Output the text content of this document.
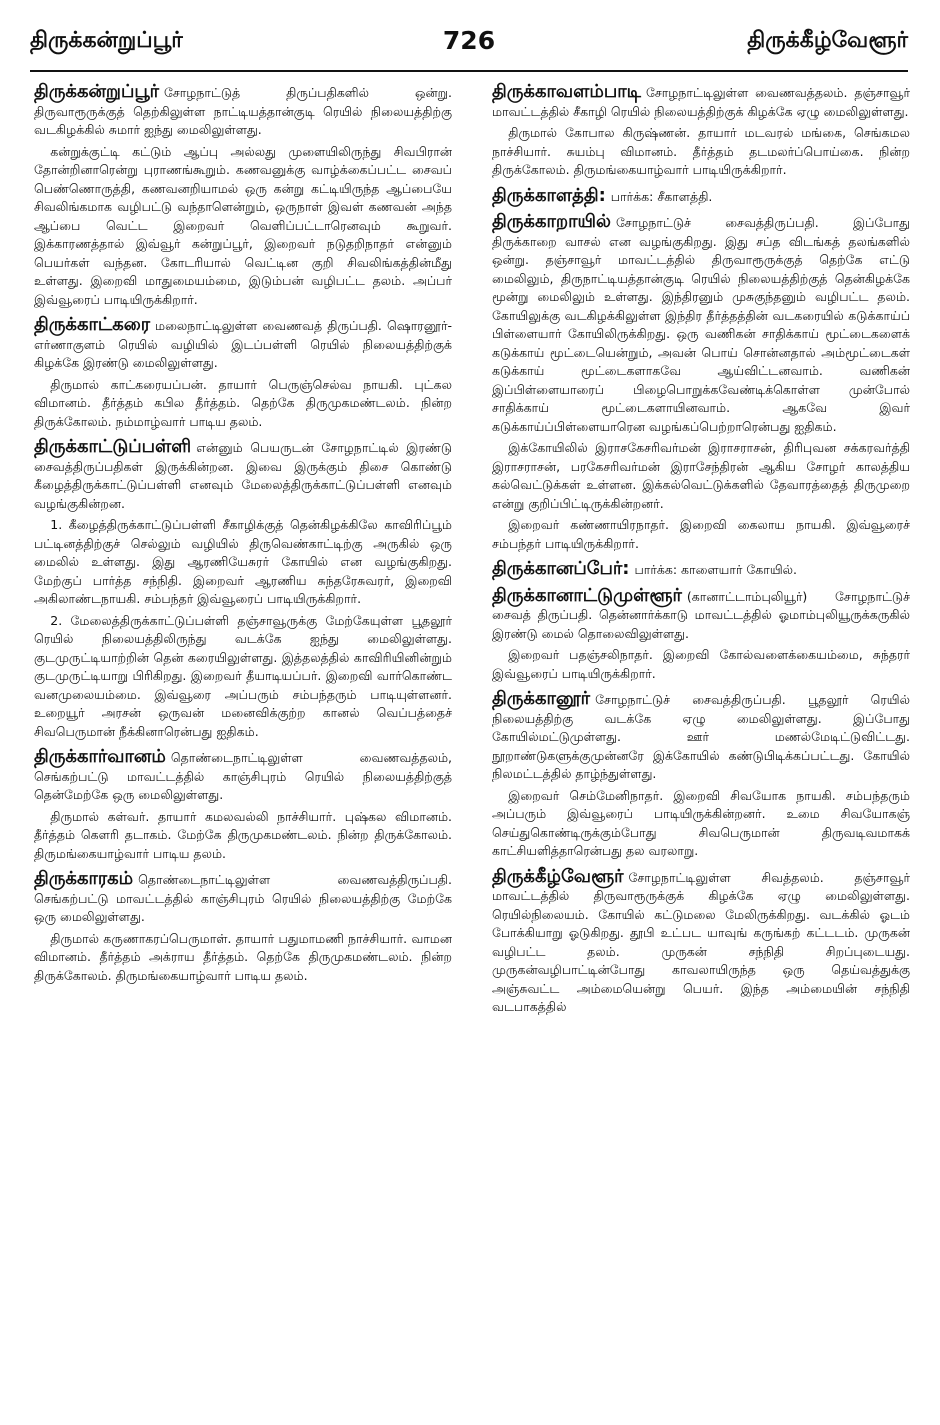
திருக்கன்றுப்பூர்	726	திருக்கீழ்வேளூர்

திருக்கன்றுப்பூர் சோழநாட்டுத் திருப்பதிகளில் ஒன்று. திருவாரூருக்குத் தெற்கிலுள்ள நாட்டியத்தான்குடி ரெயில் நிலையத்திற்கு வடகிழக்கில் சுமார் ஐந்து மைலிலுள்ளது.

கன்றுக்குட்டி கட்டும் ஆப்பு அல்லது முளையிலிருந்து சிவபிரான் தோன்றினாரென்று புராணங்கூறும். கணவனுக்கு வாழ்க்கைப்பட்ட சைவப் பெண்ணொருத்தி, கணவனறியாமல் ஒரு கன்று கட்டியிருந்த ஆப்பையே சிவலிங்கமாக வழிபட்டு வந்தாளென்றும், ஒருநாள் இவள் கணவன் அந்த ஆப்பை வெட்ட இறைவர் வெளிப்பட்டாரெனவும் கூறுவர். இக்காரணத்தால் இவ்வூர் கன்றுப்பூர், இறைவர் நடுதறிநாதர் என்னும் பெயர்கள் வந்தன. கோடரியால் வெட்டின குறி சிவலிங்கத்தின்மீது உள்ளது. இறைவி மாதுமையம்மை, இடும்பன் வழிபட்ட தலம். அப்பர் இவ்வூரைப் பாடியிருக்கிறார்.

திருக்காட்கரை மலைநாட்டிலுள்ள வைணவத் திருப்பதி. ஷொரனூர்-எர்ணாகுளம் ரெயில் வழியில் இடப்பள்ளி ரெயில் நிலையத்திற்குக் கிழக்கே இரண்டு மைலிலுள்ளது.

திருமால் காட்கரையப்பன். தாயார் பெருஞ்செல்வ நாயகி. புட்கல விமானம். தீர்த்தம் கபில தீர்த்தம். தெற்கே திருமுகமண்டலம். நின்ற திருக்கோலம். நம்மாழ்வார் பாடிய தலம்.

திருக்காட்டுப்பள்ளி என்னும் பெயருடன் சோழநாட்டில் இரண்டு சைவத்திருப்பதிகள் இருக்கின்றன. இவை இருக்கும் திசை கொண்டு கீழைத்திருக்காட்டுப்பள்ளி எனவும் மேலைத்திருக்காட்டுப்பள்ளி எனவும் வழங்குகின்றன.

1. கீழைத்திருக்காட்டுப்பள்ளி சீகாழிக்குத் தென்கிழக்கிலே காவிரிப்பூம் பட்டினத்திற்குச் செல்லும் வழியில் திருவெண்காட்டிற்கு அருகில் ஒரு மைலில் உள்ளது. இது ஆரணியேசுரர் கோயில் என வழங்குகிறது. மேற்குப் பார்த்த சந்நிதி. இறைவர் ஆரணிய சுந்தரேசுவரர், இறைவி அகிலாண்டநாயகி. சம்பந்தர் இவ்வூரைப் பாடியிருக்கிறார்.

2. மேலைத்திருக்காட்டுப்பள்ளி தஞ்சாவூருக்கு மேற்கேயுள்ள பூதலூர் ரெயில் நிலையத்திலிருந்து வடக்கே ஐந்து மைலிலுள்ளது. குடமுருட்டியாற்றின் தென் கரையிலுள்ளது. இத்தலத்தில் காவிரியினின்றும் குடமுருட்டியாறு பிரிகிறது. இறைவர் தீயாடியப்பர். இறைவி வார்கொண்ட வனமுலையம்மை. இவ்வூரை அப்பரும் சம்பந்தரும் பாடியுள்ளனர். உறையூர் அரசன் ஒருவன் மனைவிக்குற்ற கானல் வெப்பத்தைச் சிவபெருமான் நீக்கினாரென்பது ஐதிகம்.

திருக்கார்வானம் தொண்டைநாட்டிலுள்ள வைணவத்தலம், செங்கற்பட்டு மாவட்டத்தில் காஞ்சிபுரம் ரெயில் நிலையத்திற்குத் தென்மேற்கே ஒரு மைலிலுள்ளது.

திருமால் கள்வர். தாயார் கமலவல்லி நாச்சியார். புஷ்கல விமானம். தீர்த்தம் கௌரி தடாகம். மேற்கே திருமுகமண்டலம். நின்ற திருக்கோலம். திருமங்கையாழ்வார் பாடிய தலம்.

திருக்காரகம் தொண்டைநாட்டிலுள்ள வைணவத்திருப்பதி. செங்கற்பட்டு மாவட்டத்தில் காஞ்சிபுரம் ரெயில் நிலையத்திற்கு மேற்கே ஒரு மைலிலுள்ளது.

திருமால் கருணாகரப்பெருமாள். தாயார் பதுமாமணி நாச்சியார். வாமன விமானம். தீர்த்தம் அக்ராய தீர்த்தம். தெற்கே திருமுகமண்டலம். நின்ற திருக்கோலம். திருமங்கையாழ்வார் பாடிய தலம்.

திருக்காவளம்பாடி சோழநாட்டிலுள்ள வைணவத்தலம். தஞ்சாவூர் மாவட்டத்தில் சீகாழி ரெயில் நிலையத்திற்குக் கிழக்கே ஏழு மைலிலுள்ளது.

திருமால் கோபால கிருஷ்ணன். தாயார் மடவரல் மங்கை, செங்கமல நாச்சியார். சுயம்பு விமானம். தீர்த்தம் தடமலர்ப்பொய்கை. நின்ற திருக்கோலம். திருமங்கையாழ்வார் பாடியிருக்கிறார்.

திருக்காளத்தி: பார்க்க: சீகாளத்தி.

திருக்காறாயில் சோழநாட்டுச் சைவத்திருப்பதி. இப்போது திருக்காறை வாசல் என வழங்குகிறது. இது சப்த விடங்கத் தலங்களில் ஒன்று. தஞ்சாவூர் மாவட்டத்தில் திருவாரூருக்குத் தெற்கே எட்டு மைலிலும், திருநாட்டியத்தான்குடி ரெயில் நிலையத்திற்குத் தென்கிழக்கே மூன்று மைலிலும் உள்ளது. இந்திரனும் முசுகுந்தனும் வழிபட்ட தலம். கோயிலுக்கு வடகிழக்கிலுள்ள இந்திர தீர்த்தத்தின் வடகரையில் கடுக்காய்ப் பிள்ளையார் கோயிலிருக்கிறது. ஒரு வணிகன் சாதிக்காய் மூட்டைகளைக் கடுக்காய் மூட்டையென்றும், அவன் பொய் சொன்னதால் அம்மூட்டைகள் கடுக்காய் மூட்டைகளாகவே ஆய்விட்டனவாம். வணிகன் இப்பிள்ளையாரைப் பிழைபொறுக்கவேண்டிக்கொள்ள முன்போல் சாதிக்காய் மூட்டைகளாயினவாம். ஆகவே இவர் கடுக்காய்ப்பிள்ளையாரென வழங்கப்பெற்றாரென்பது ஐதிகம்.

இக்கோயிலில் இராசகேசரிவர்மன் இராசராசன், திரிபுவன சக்கரவர்த்தி இராசராசன், பரகேசரிவர்மன் இராசேந்திரன் ஆகிய சோழர் காலத்திய கல்வெட்டுக்கள் உள்ளன. இக்கல்வெட்டுக்களில் தேவாரத்தைத் திருமுறை என்று குறிப்பிட்டிருக்கின்றனர்.

இறைவர் கண்ணாயிரநாதர். இறைவி கைலாய நாயகி. இவ்வூரைச் சம்பந்தர் பாடியிருக்கிறார்.

திருக்கானப்பேர்: பார்க்க: காளையார் கோயில்.

திருக்கானாட்டுமுள்ளூர் (கானாட்டாம்புலியூர்) சோழநாட்டுச் சைவத் திருப்பதி. தென்னார்க்காடு மாவட்டத்தில் ஓமாம்புலியூருக்கருகில் இரண்டு மைல் தொலைவிலுள்ளது.

இறைவர் பதஞ்சலிநாதர். இறைவி கோல்வளைக்கையம்மை, சுந்தரர் இவ்வூரைப் பாடியிருக்கிறார்.

திருக்கானூர் சோழநாட்டுச் சைவத்திருப்பதி. பூதலூர் ரெயில் நிலையத்திற்கு வடக்கே ஏழு மைலிலுள்ளது. இப்போது கோயில்மட்டுமுள்ளது. ஊர் மணல்மேடிட்டுவிட்டது. நூறாண்டுகளுக்குமுன்னரே இக்கோயில் கண்டுபிடிக்கப்பட்டது. கோயில் நிலமட்டத்தில் தாழ்ந்துள்ளது.

இறைவர் செம்மேனிநாதர். இறைவி சிவயோக நாயகி. சம்பந்தரும் அப்பரும் இவ்வூரைப் பாடியிருக்கின்றனர். உமை சிவயோகஞ் செய்துகொண்டிருக்கும்போது சிவபெருமான் திருவடிவமாகக் காட்சியளித்தாரென்பது தல வரலாறு.

திருக்கீழ்வேளூர் சோழநாட்டிலுள்ள சிவத்தலம். தஞ்சாவூர் மாவட்டத்தில் திருவாரூருக்குக் கிழக்கே ஏழு மைலிலுள்ளது. ரெயில்நிலையம். கோயில் கட்டுமலை மேலிருக்கிறது. வடக்கில் ஓடம் போக்கியாறு ஓடுகிறது. தூபி உட்பட யாவுங் கருங்கற் கட்டடம். முருகன் வழிபட்ட தலம். முருகன் சந்நிதி சிறப்புடையது. முருகன்வழிபாட்டின்போது காவலாயிருந்த ஒரு தெய்வத்துக்கு அஞ்சுவட்ட அம்மையென்று பெயர். இந்த அம்மையின் சந்நிதி வடபாகத்தில்
